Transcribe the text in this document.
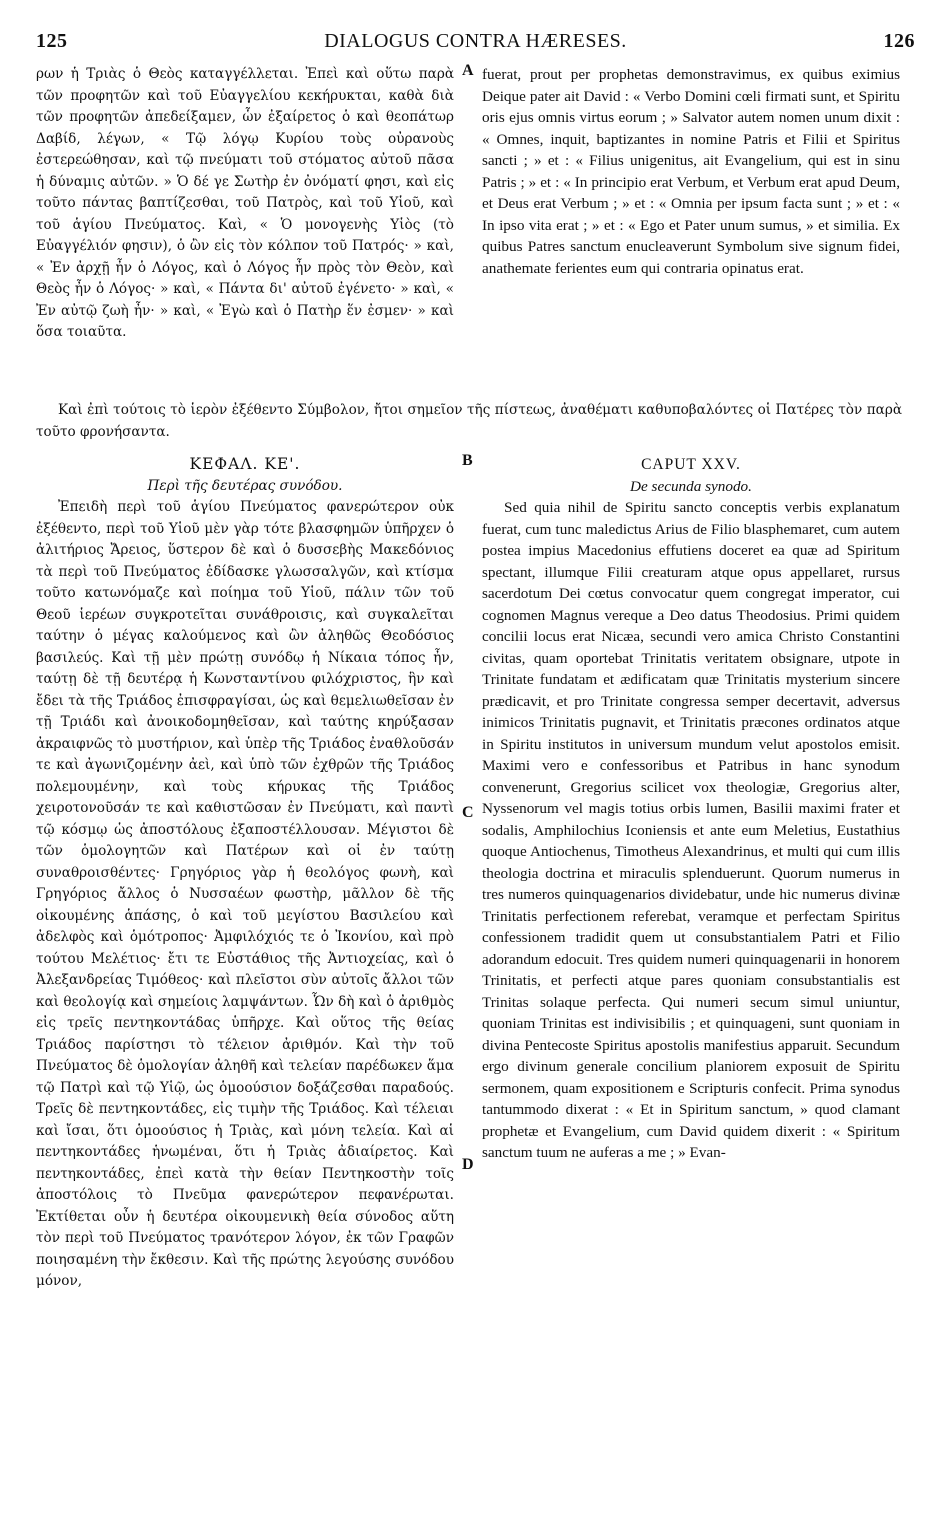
125	DIALOGUS CONTRA HÆRESES.	126
A
B
C
D

ρων ἡ Τριὰς ὁ Θεὸς καταγγέλλεται. Ἐπεὶ καὶ οὕτω παρὰ τῶν προφητῶν καὶ τοῦ Εὐαγγελίου κεκήρυκται, καθὰ διὰ τῶν προφητῶν ἀπεδείξαμεν, ὧν ἐξαίρετος ὁ καὶ θεοπάτωρ Δαβίδ, λέγων, « Τῷ λόγῳ Κυρίου τοὺς οὐρανοὺς ἐστερεώθησαν, καὶ τῷ πνεύματι τοῦ στόματος αὐτοῦ πᾶσα ἡ δύναμις αὐτῶν. » Ὁ δέ γε Σωτὴρ ἐν ὀνόματί φησι, καὶ εἰς τοῦτο πάντας βαπτίζεσθαι, τοῦ Πατρὸς, καὶ τοῦ Υἱοῦ, καὶ τοῦ ἁγίου Πνεύματος. Καὶ, « Ὁ μονογενὴς Υἱὸς (τὸ Εὐαγγέλιόν φησιν), ὁ ὢν εἰς τὸν κόλπον τοῦ Πατρός· » καὶ, « Ἐν ἀρχῇ ἦν ὁ Λόγος, καὶ ὁ Λόγος ἦν πρὸς τὸν Θεὸν, καὶ Θεὸς ἦν ὁ Λόγος· » καὶ, « Πάντα δι' αὐτοῦ ἐγένετο· » καὶ, « Ἐν αὐτῷ ζωὴ ἦν· » καὶ, « Ἐγὼ καὶ ὁ Πατὴρ ἕν ἐσμεν· » καὶ ὅσα τοιαῦτα.

fuerat, prout per prophetas demonstravimus, ex quibus eximius Deique pater ait David : « Verbo Domini cœli firmati sunt, et Spiritu oris ejus omnis virtus eorum ; » Salvator autem nomen unum dixit : « Omnes, inquit, baptizantes in nomine Patris et Filii et Spiritus sancti ; » et : « Filius unigenitus, ait Evangelium, qui est in sinu Patris ; » et : « In principio erat Verbum, et Verbum erat apud Deum, et Deus erat Verbum ; » et : « Omnia per ipsum facta sunt ; » et : « In ipso vita erat ; » et : « Ego et Pater unum sumus, » et similia. Ex quibus Patres sanctum enucleaverunt Symbolum sive signum fidei, anathemate ferientes eum qui contraria opinatus erat.

Καὶ ἐπὶ τούτοις τὸ ἱερὸν ἐξέθεντο Σύμβολον, ἤτοι σημεῖον τῆς πίστεως, ἀναθέματι καθυποβαλόντες οἱ Πατέρες τὸν παρὰ τοῦτο φρονήσαντα.

ΚΕΦΑΛ. ΚΕ'.

Περὶ τῆς δευτέρας συνόδου.

Ἐπειδὴ περὶ τοῦ ἁγίου Πνεύματος φανερώτερον οὐκ ἐξέθεντο, περὶ τοῦ Υἱοῦ μὲν γὰρ τότε βλασφημῶν ὑπῆρχεν ὁ ἀλιτήριος Ἄρειος, ὕστερον δὲ καὶ ὁ δυσσεβὴς Μακεδόνιος τὰ περὶ τοῦ Πνεύματος ἐδίδασκε γλωσσαλγῶν, καὶ κτίσμα τοῦτο κατωνόμαζε καὶ ποίημα τοῦ Υἱοῦ, πάλιν τῶν τοῦ Θεοῦ ἱερέων συγκροτεῖται συνάθροισις, καὶ συγκαλεῖται ταύτην ὁ μέγας καλούμενος καὶ ὢν ἀληθῶς Θεοδόσιος βασιλεύς. Καὶ τῇ μὲν πρώτῃ συνόδῳ ἡ Νίκαια τόπος ἦν, ταύτῃ δὲ τῇ δευτέρᾳ ἡ Κωνσταντίνου φιλόχριστος, ἣν καὶ ἔδει τὰ τῆς Τριάδος ἐπισφραγίσαι, ὡς καὶ θεμελιωθεῖσαν ἐν τῇ Τριάδι καὶ ἀνοικοδομηθεῖσαν, καὶ ταύτης κηρύξασαν ἀκραιφνῶς τὸ μυστήριον, καὶ ὑπὲρ τῆς Τριάδος ἐναθλοῦσάν τε καὶ ἀγωνιζομένην ἀεὶ, καὶ ὑπὸ τῶν ἐχθρῶν τῆς Τριάδος πολεμουμένην, καὶ τοὺς κήρυκας τῆς Τριάδος χειροτονοῦσάν τε καὶ καθιστῶσαν ἐν Πνεύματι, καὶ παντὶ τῷ κόσμῳ ὡς ἀποστόλους ἐξαποστέλλουσαν. Μέγιστοι δὲ τῶν ὁμολογητῶν καὶ Πατέρων καὶ οἱ ἐν ταύτῃ συναθροισθέντες· Γρηγόριος γὰρ ἡ θεολόγος φωνὴ, καὶ Γρηγόριος ἄλλος ὁ Νυσσαέων φωστὴρ, μᾶλλον δὲ τῆς οἰκουμένης ἁπάσης, ὁ καὶ τοῦ μεγίστου Βασιλείου καὶ ἀδελφὸς καὶ ὁμότροπος· Ἀμφιλόχιός τε ὁ Ἰκονίου, καὶ πρὸ τούτου Μελέτιος· ἔτι τε Εὐστάθιος τῆς Ἀντιοχείας, καὶ ὁ Ἀλεξανδρείας Τιμόθεος· καὶ πλεῖστοι σὺν αὐτοῖς ἄλλοι τῶν καὶ θεολογίᾳ καὶ σημείοις λαμψάντων. Ὧν δὴ καὶ ὁ ἀριθμὸς εἰς τρεῖς πεντηκοντάδας ὑπῆρχε. Καὶ οὕτος τῆς θείας Τριάδος παρίστησι τὸ τέλειον ἀριθμόν. Καὶ τὴν τοῦ Πνεύματος δὲ ὁμολογίαν ἀληθῆ καὶ τελείαν παρέδωκεν ἅμα τῷ Πατρὶ καὶ τῷ Υἱῷ, ὡς ὁμοούσιον δοξάζεσθαι παραδούς. Τρεῖς δὲ πεντηκοντάδες, εἰς τιμὴν τῆς Τριάδος. Καὶ τέλειαι καὶ ἴσαι, ὅτι ὁμοούσιος ἡ Τριὰς, καὶ μόνη τελεία. Καὶ αἱ πεντηκοντάδες ἡνωμέναι, ὅτι ἡ Τριὰς ἀδιαίρετος. Καὶ πεντηκοντάδες, ἐπεὶ κατὰ τὴν θείαν Πεντηκοστὴν τοῖς ἀποστόλοις τὸ Πνεῦμα φανερώτερον πεφανέρωται. Ἐκτίθεται οὖν ἡ δευτέρα οἰκουμενικὴ θεία σύνοδος αὕτη τὸν περὶ τοῦ Πνεύματος τρανότερον λόγον, ἐκ τῶν Γραφῶν ποιησαμένη τὴν ἔκθεσιν. Καὶ τῆς πρώτης λεγούσης συνόδου μόνον,

CAPUT XXV.

De secunda synodo.

Sed quia nihil de Spiritu sancto conceptis verbis explanatum fuerat, cum tunc maledictus Arius de Filio blasphemaret, cum autem postea impius Macedonius effutiens doceret ea quæ ad Spiritum spectant, illumque Filii creaturam atque opus appellaret, rursus sacerdotum Dei cœtus convocatur quem congregat imperator, cui cognomen Magnus vereque a Deo datus Theodosius. Primi quidem concilii locus erat Nicæa, secundi vero amica Christo Constantini civitas, quam oportebat Trinitatis veritatem obsignare, utpote in Trinitate fundatam et ædificatam quæ Trinitatis mysterium sincere prædicavit, et pro Trinitate congressa semper decertavit, adversus inimicos Trinitatis pugnavit, et Trinitatis præcones ordinatos atque in Spiritu institutos in universum mundum velut apostolos emisit. Maximi vero e confessoribus et Patribus in hanc synodum convenerunt, Gregorius scilicet vox theologiæ, Gregorius alter, Nyssenorum vel magis totius orbis lumen, Basilii maximi frater et sodalis, Amphilochius Iconiensis et ante eum Meletius, Eustathius quoque Antiochenus, Timotheus Alexandrinus, et multi qui cum illis theologia doctrina et miraculis splenduerunt. Quorum numerus in tres numeros quinquagenarios dividebatur, unde hic numerus divinæ Trinitatis perfectionem referebat, veramque et perfectam Spiritus confessionem tradidit quem ut consubstantialem Patri et Filio adorandum edocuit. Tres quidem numeri quinquagenarii in honorem Trinitatis, et perfecti atque pares quoniam consubstantialis est Trinitas solaque perfecta. Qui numeri secum simul uniuntur, quoniam Trinitas est indivisibilis ; et quinquageni, sunt quoniam in divina Pentecoste Spiritus apostolis manifestius apparuit. Secundum ergo divinum generale concilium planiorem exposuit de Spiritu sermonem, quam expositionem e Scripturis confecit. Prima synodus tantummodo dixerat : « Et in Spiritum sanctum, » quod clamant prophetæ et Evangelium, cum David quidem dixerit : « Spiritum sanctum tuum ne auferas a me ; » Evan-
